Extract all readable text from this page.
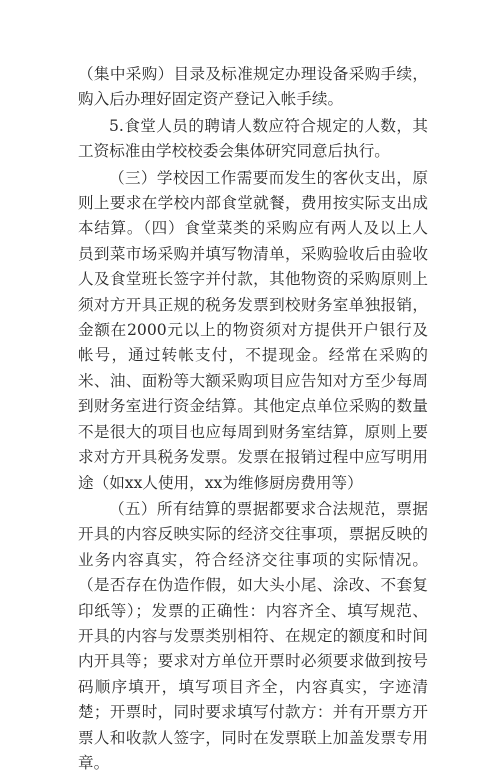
（集中采购）目录及标准规定办理设备采购手续，购入后办理好固定资产登记入帐手续。

5.食堂人员的聘请人数应符合规定的人数，其工资标准由学校校委会集体研究同意后执行。

（三）学校因工作需要而发生的客伙支出，原则上要求在学校内部食堂就餐，费用按实际支出成本结算。（四）食堂菜类的采购应有两人及以上人员到菜市场采购并填写物清单，采购验收后由验收人及食堂班长签字并付款，其他物资的采购原则上须对方开具正规的税务发票到校财务室单独报销，金额在2000元以上的物资须对方提供开户银行及帐号，通过转帐支付，不提现金。经常在采购的米、油、面粉等大额采购项目应告知对方至少每周到财务室进行资金结算。其他定点单位采购的数量不是很大的项目也应每周到财务室结算，原则上要求对方开具税务发票。发票在报销过程中应写明用途（如xx人使用，xx为维修厨房费用等）

（五）所有结算的票据都要求合法规范，票据开具的内容反映实际的经济交往事项，票据反映的业务内容真实，符合经济交往事项的实际情况。（是否存在伪造作假，如大头小尾、涂改、不套复印纸等）；发票的正确性：内容齐全、填写规范、开具的内容与发票类别相符、在规定的额度和时间内开具等；要求对方单位开票时必须要求做到按号码顺序填开，填写项目齐全，内容真实，字迹清楚；开票时，同时要求填写付款方：并有开票方开票人和收款人签字，同时在发票联上加盖发票专用章。
